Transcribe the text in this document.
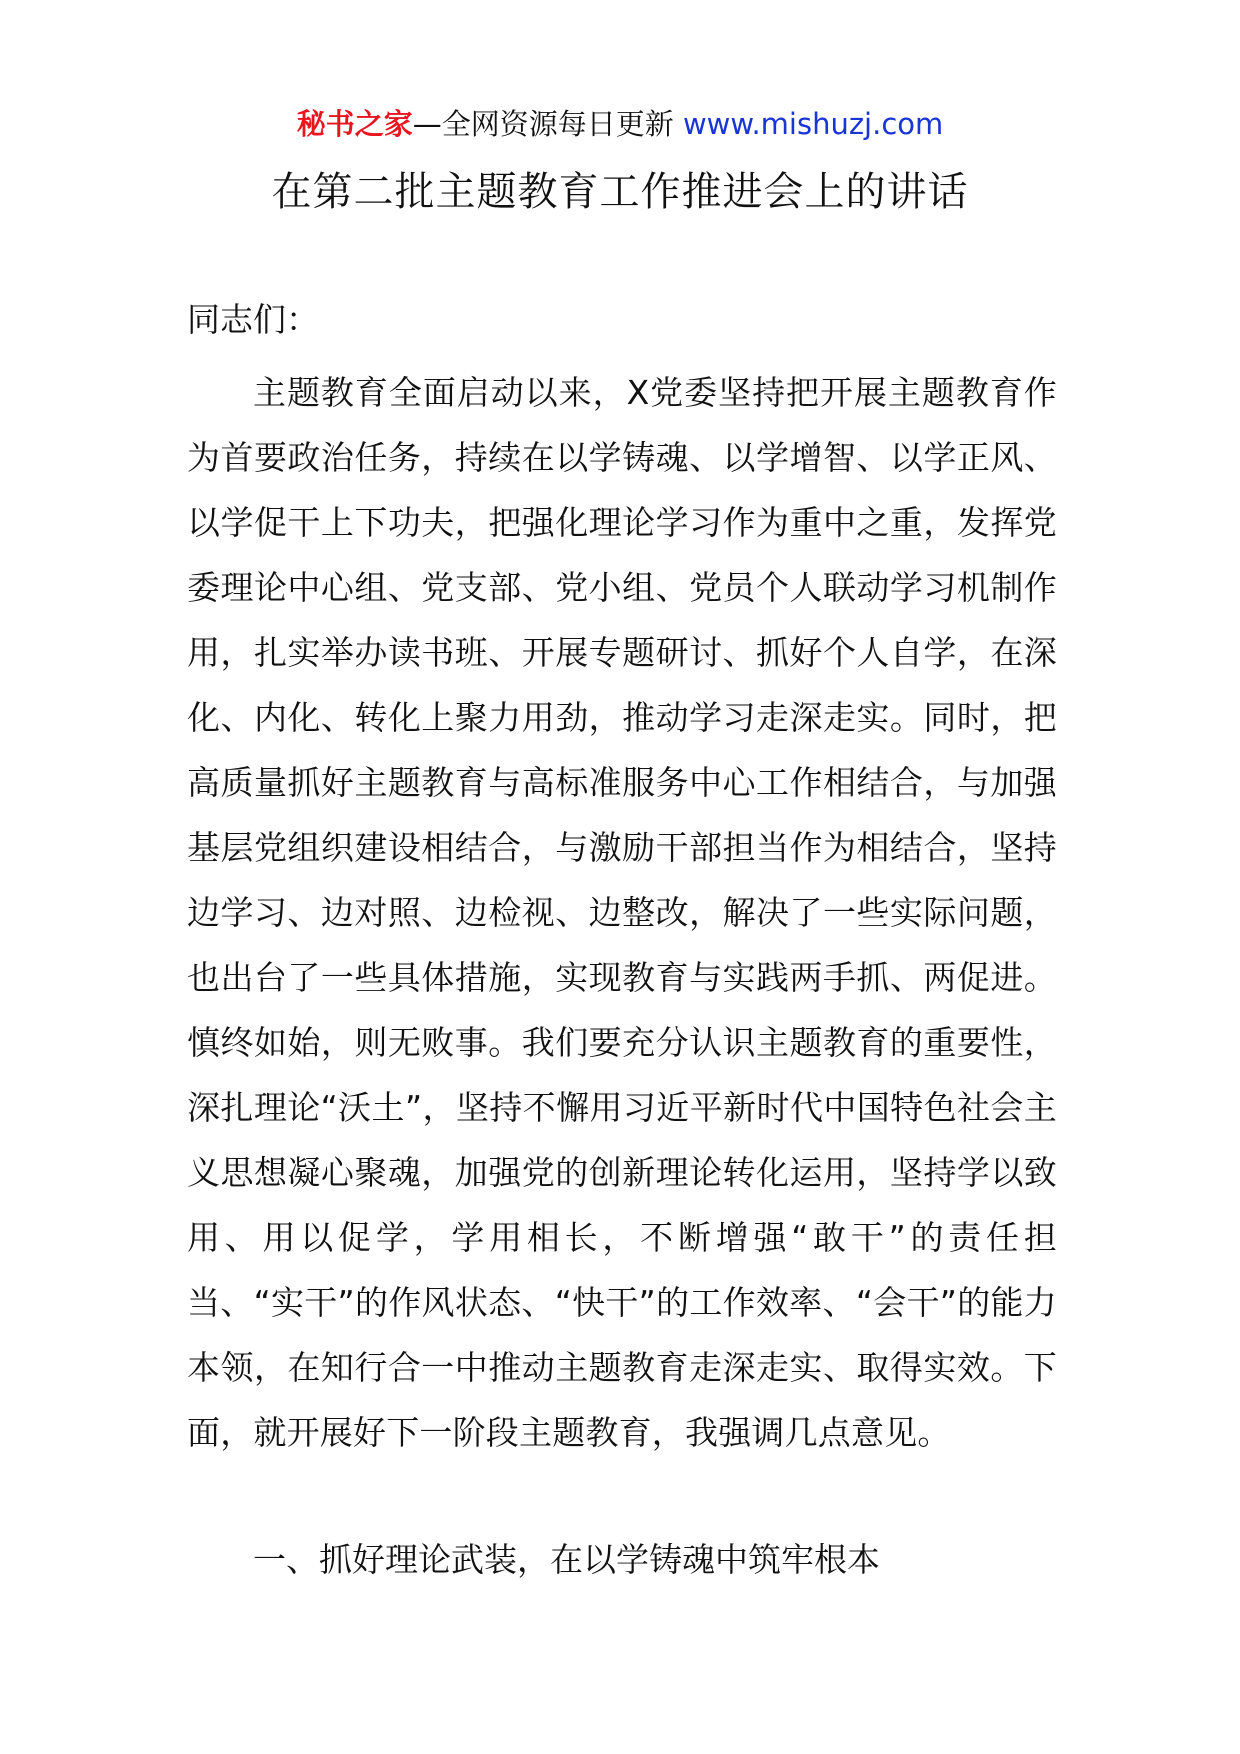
秘书之家—全网资源每日更新 www.mishuzj.com
在第二批主题教育工作推进会上的讲话
同志们：
主题教育全面启动以来，X党委坚持把开展主题教育作为首要政治任务，持续在以学铸魂、以学增智、以学正风、以学促干上下功夫，把强化理论学习作为重中之重，发挥党委理论中心组、党支部、党小组、党员个人联动学习机制作用，扎实举办读书班、开展专题研讨、抓好个人自学，在深化、内化、转化上聚力用劲，推动学习走深走实。同时，把高质量抓好主题教育与高标准服务中心工作相结合，与加强基层党组织建设相结合，与激励干部担当作为相结合，坚持边学习、边对照、边检视、边整改，解决了一些实际问题，也出台了一些具体措施，实现教育与实践两手抓、两促进。慎终如始，则无败事。我们要充分认识主题教育的重要性，深扎理论“沃土”，坚持不懈用习近平新时代中国特色社会主义思想凝心聚魂，加强党的创新理论转化运用，坚持学以致用、用以促学，学用相长，不断增强“敢干”的责任担当、“实干”的作风状态、“快干”的工作效率、“会干”的能力本领，在知行合一中推动主题教育走深走实、取得实效。下面，就开展好下一阶段主题教育，我强调几点意见。
一、抓好理论武装，在以学铸魂中筑牢根本
